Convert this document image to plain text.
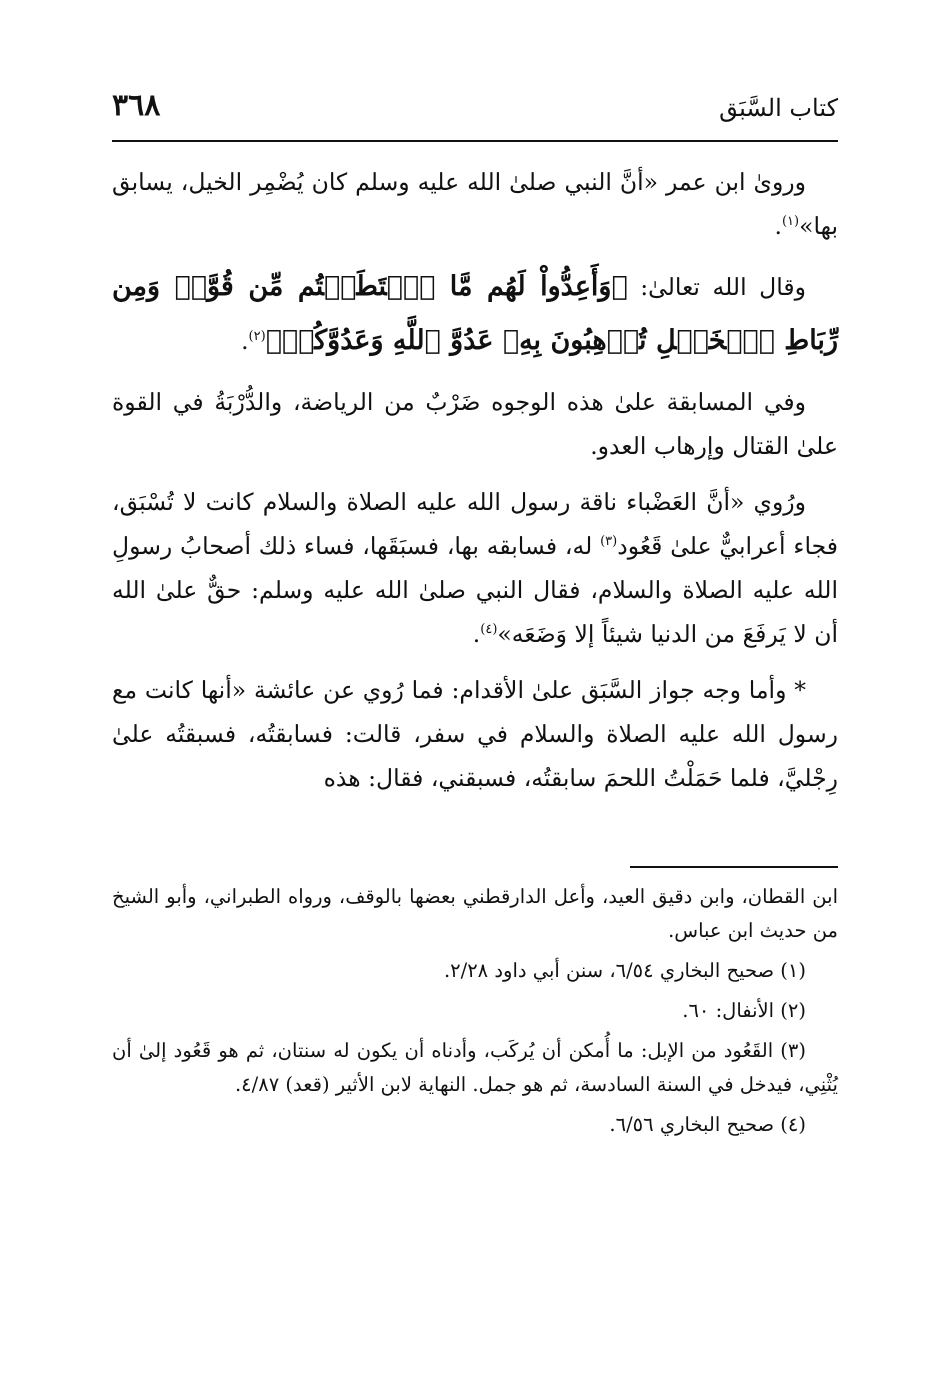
٣٦٨	كتاب السَّبَق

وروىٰ ابن عمر «أنَّ النبي صلىٰ الله عليه وسلم كان يُضْمِر الخيل، يسابق بها»$^{(١)}$.

وقال الله تعالىٰ: ﴿وَأَعِدُّواْ لَهُم مَّا ٱسۡتَطَعۡتُم مِّن قُوَّةٖ وَمِن رِّبَاطِ ٱلۡخَيۡلِ تُرۡهِبُونَ بِهِۦ عَدُوَّ ٱللَّهِ وَعَدُوَّكُمۡ﴾$^{(٢)}$.

وفي المسابقة علىٰ هذه الوجوه ضَرْبٌ من الرياضة، والدُّرْبَةُ في القوة علىٰ القتال وإرهاب العدو.

ورُوي «أنَّ العَضْباء ناقة رسول الله عليه الصلاة والسلام كانت لا تُسْبَق، فجاء أعرابيٌّ علىٰ قَعُود$^{(٣)}$ له، فسابقه بها، فسبَقَها، فساء ذلك أصحابُ رسولِ الله عليه الصلاة والسلام، فقال النبي صلىٰ الله عليه وسلم: حقٌّ علىٰ الله أن لا يَرفَعَ من الدنيا شيئاً إلا وَضَعَه»$^{(٤)}$.

* وأما وجه جواز السَّبَق علىٰ الأقدام: فما رُوي عن عائشة «أنها كانت مع رسول الله عليه الصلاة والسلام في سفر، قالت: فسابقتُه، فسبقتُه علىٰ رِجْليَّ، فلما حَمَلْتُ اللحمَ سابقتُه، فسبقني، فقال: هذه

ابن القطان، وابن دقيق العيد، وأعل الدارقطني بعضها بالوقف، ورواه الطبراني، وأبو الشيخ من حديث ابن عباس.

(١) صحيح البخاري ٦/٥٤، سنن أبي داود ٢/٢٨.

(٢) الأنفال: ٦٠.

(٣) القَعُود من الإبل: ما أُمكن أن يُركَب، وأدناه أن يكون له سنتان، ثم هو قَعُود إلىٰ أن يُثْنِي، فيدخل في السنة السادسة، ثم هو جمل. النهاية لابن الأثير (قعد) ٤/٨٧.

(٤) صحيح البخاري ٦/٥٦.
